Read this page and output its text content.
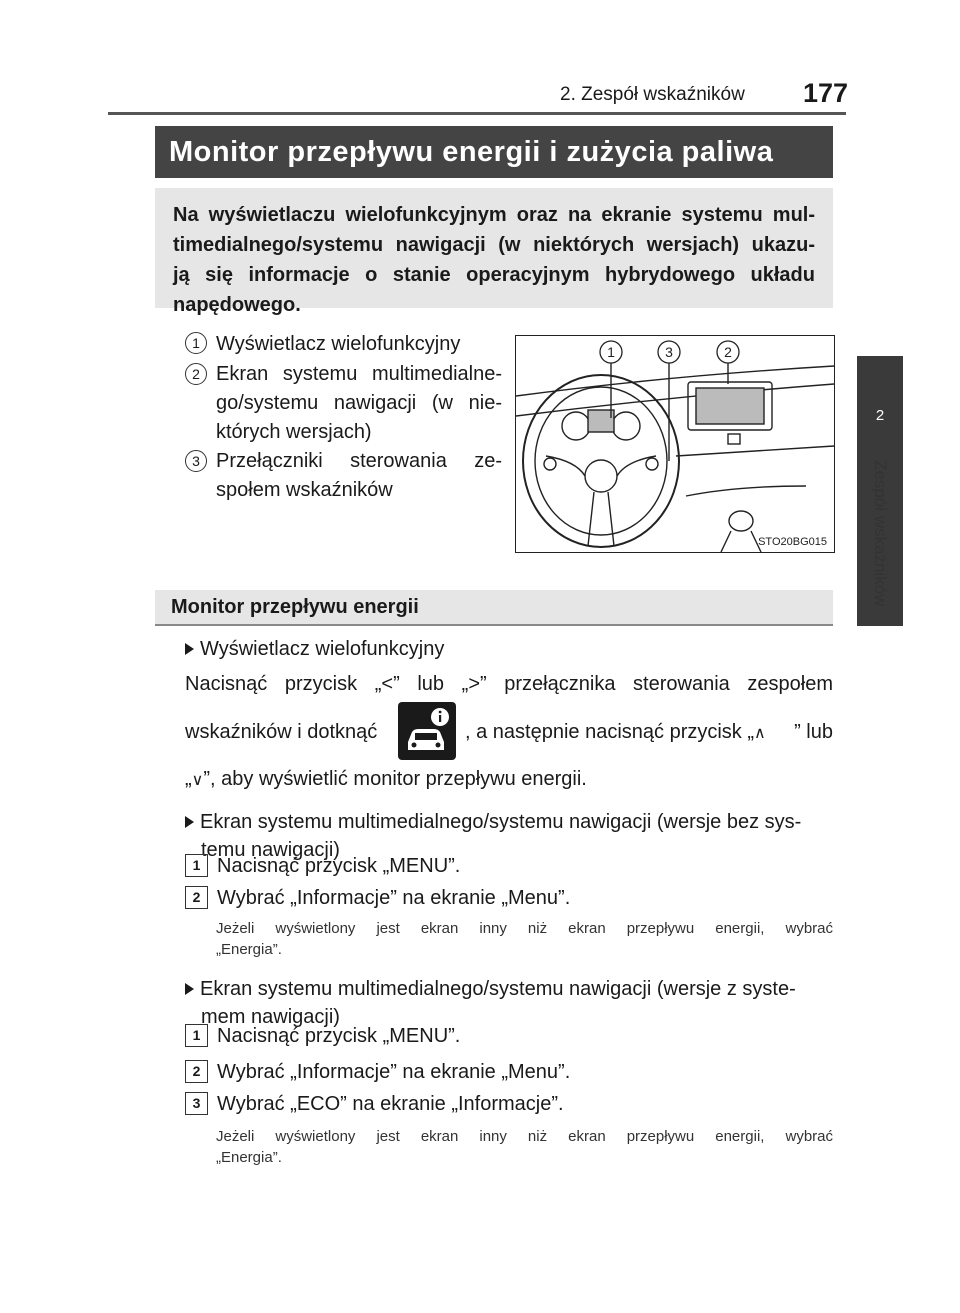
2. Zespół wskaźników 177
2
Zespół wskaźników
Monitor przepływu energii i zużycia paliwa

Na wyświetlaczu wielofunkcyjnym oraz na ekranie systemu mul-

timedialnego/systemu nawigacji (w niektórych wersjach) ukazu-

ją się informacje o stanie operacyjnym hybrydowego układu

napędowego.

1 Wyświetlacz wielofunkcyjny
2 Ekran systemu multimedialne-go/systemu nawigacji (w nie-których wersjach)
3 Przełączniki sterowania ze-społem wskaźników
1	3	2
STO20BG015
Monitor przepływu energii
Wyświetlacz wielofunkcyjny
Nacisnąć przycisk „<” lub „>” przełącznika sterowania zespołem
wskaźników i dotknąć	, a następnie nacisnąć przycisk „∧ ” lub
„∨”, aby wyświetlić monitor przepływu energii.
Ekran systemu multimedialnego/systemu nawigacji (wersje bez sys-
temu nawigacji)
1 Nacisnąć przycisk „MENU”.
2 Wybrać „Informacje” na ekranie „Menu”.
Jeżeli wyświetlony jest ekran inny niż ekran przepływu energii, wybrać
„Energia”.
Ekran systemu multimedialnego/systemu nawigacji (wersje z syste-
mem nawigacji)
1 Nacisnąć przycisk „MENU”.
2 Wybrać „Informacje” na ekranie „Menu”.
3 Wybrać „ECO” na ekranie „Informacje”.
Jeżeli wyświetlony jest ekran inny niż ekran przepływu energii, wybrać
„Energia”.
